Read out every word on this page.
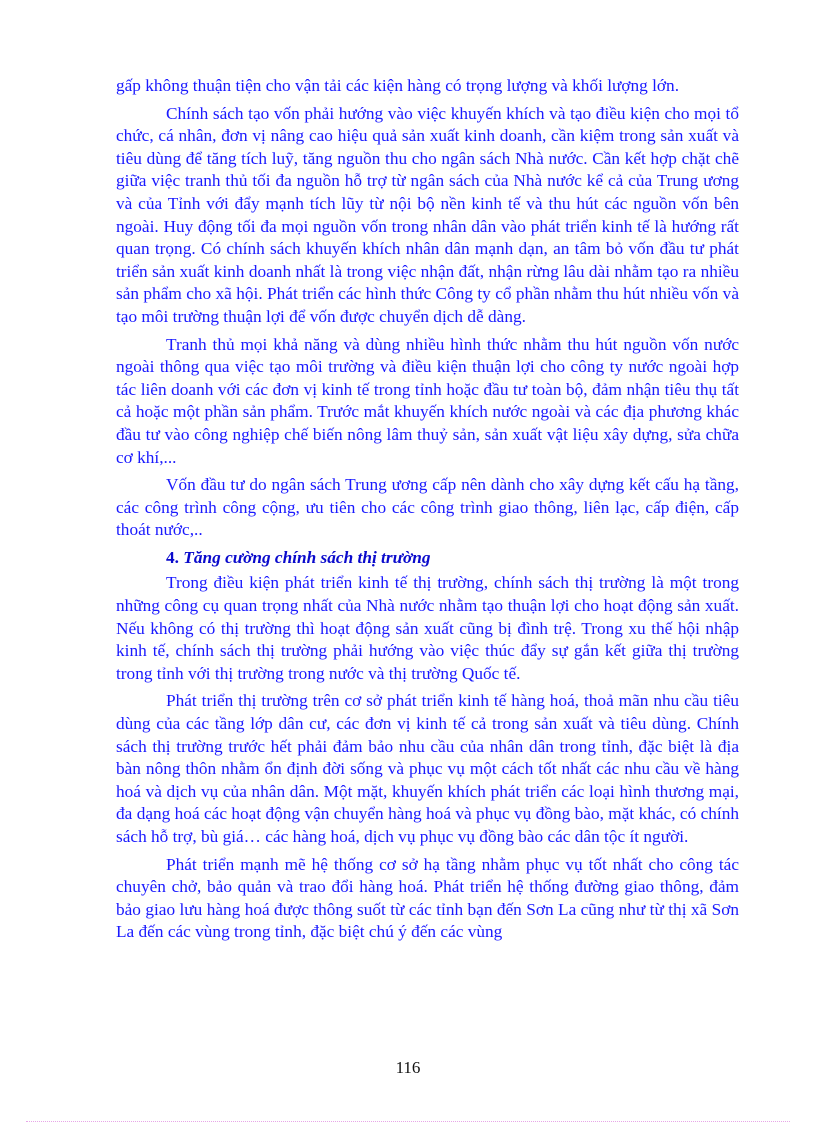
gấp không thuận tiện cho vận tải các kiện hàng có trọng lượng và khối lượng lớn.

Chính sách tạo vốn phải hướng vào việc khuyến khích và tạo điều kiện cho mọi tổ chức, cá nhân, đơn vị nâng cao hiệu quả sản xuất kinh doanh, cần kiệm trong sản xuất và tiêu dùng để tăng tích luỹ, tăng nguồn thu cho ngân sách Nhà nước. Cần kết hợp chặt chẽ giữa việc tranh thủ tối đa nguồn hỗ trợ từ ngân sách của Nhà nước kể cả của Trung ương và của Tỉnh với đẩy mạnh tích lũy từ nội bộ nền kinh tế và thu hút các nguồn vốn bên ngoài. Huy động tối đa mọi nguồn vốn trong nhân dân vào phát triển kinh tế là hướng rất quan trọng. Có chính sách khuyến khích nhân dân mạnh dạn, an tâm bỏ vốn đầu tư phát triển sản xuất kinh doanh nhất là trong việc nhận đất, nhận rừng lâu dài nhằm tạo ra nhiều sản phẩm cho xã hội. Phát triển các hình thức Công ty cổ phần nhằm thu hút nhiều vốn và tạo môi trường thuận lợi để vốn được chuyển dịch dễ dàng.

Tranh thủ mọi khả năng và dùng nhiều hình thức nhằm thu hút nguồn vốn nước ngoài thông qua việc tạo môi trường và điều kiện thuận lợi cho công ty nước ngoài hợp tác liên doanh với các đơn vị kinh tế trong tỉnh hoặc đầu tư toàn bộ, đảm nhận tiêu thụ tất cả hoặc một phần sản phẩm. Trước mắt khuyến khích nước ngoài và các địa phương khác đầu tư vào công nghiệp chế biến nông lâm thuỷ sản, sản xuất vật liệu xây dựng, sửa chữa cơ khí,...

Vốn đầu tư do ngân sách Trung ương cấp nên dành cho xây dựng kết cấu hạ tầng, các công trình công cộng, ưu tiên cho các công trình giao thông, liên lạc, cấp điện, cấp thoát nước,..

4. Tăng cường chính sách thị trường

Trong điều kiện phát triển kinh tế thị trường, chính sách thị trường là một trong những công cụ quan trọng nhất của Nhà nước nhằm tạo thuận lợi cho hoạt động sản xuất. Nếu không có thị trường thì hoạt động sản xuất cũng bị đình trệ. Trong xu thế hội nhập kinh tế, chính sách thị trường phải hướng vào việc thúc đẩy sự gắn kết giữa thị trường trong tỉnh với thị trường trong nước và thị trường Quốc tế.

Phát triển thị trường trên cơ sở phát triển kinh tế hàng hoá, thoả mãn nhu cầu tiêu dùng của các tầng lớp dân cư, các đơn vị kinh tế cả trong sản xuất và tiêu dùng. Chính sách thị trường trước hết phải đảm bảo nhu cầu của nhân dân trong tỉnh, đặc biệt là địa bàn nông thôn nhằm ổn định đời sống và phục vụ một cách tốt nhất các nhu cầu về hàng hoá và dịch vụ của nhân dân. Một mặt, khuyến khích phát triển các loại hình thương mại, đa dạng hoá các hoạt động vận chuyển hàng hoá và phục vụ đồng bào, mặt khác, có chính sách hỗ trợ, bù giá… các hàng hoá, dịch vụ phục vụ đồng bào các dân tộc ít người.

Phát triển mạnh mẽ hệ thống cơ sở hạ tầng nhằm phục vụ tốt nhất cho công tác chuyên chở, bảo quản và trao đổi hàng hoá. Phát triển hệ thống đường giao thông, đảm bảo giao lưu hàng hoá được thông suốt từ các tỉnh bạn đến Sơn La cũng như từ thị xã Sơn La đến các vùng trong tỉnh, đặc biệt chú ý đến các vùng

116
